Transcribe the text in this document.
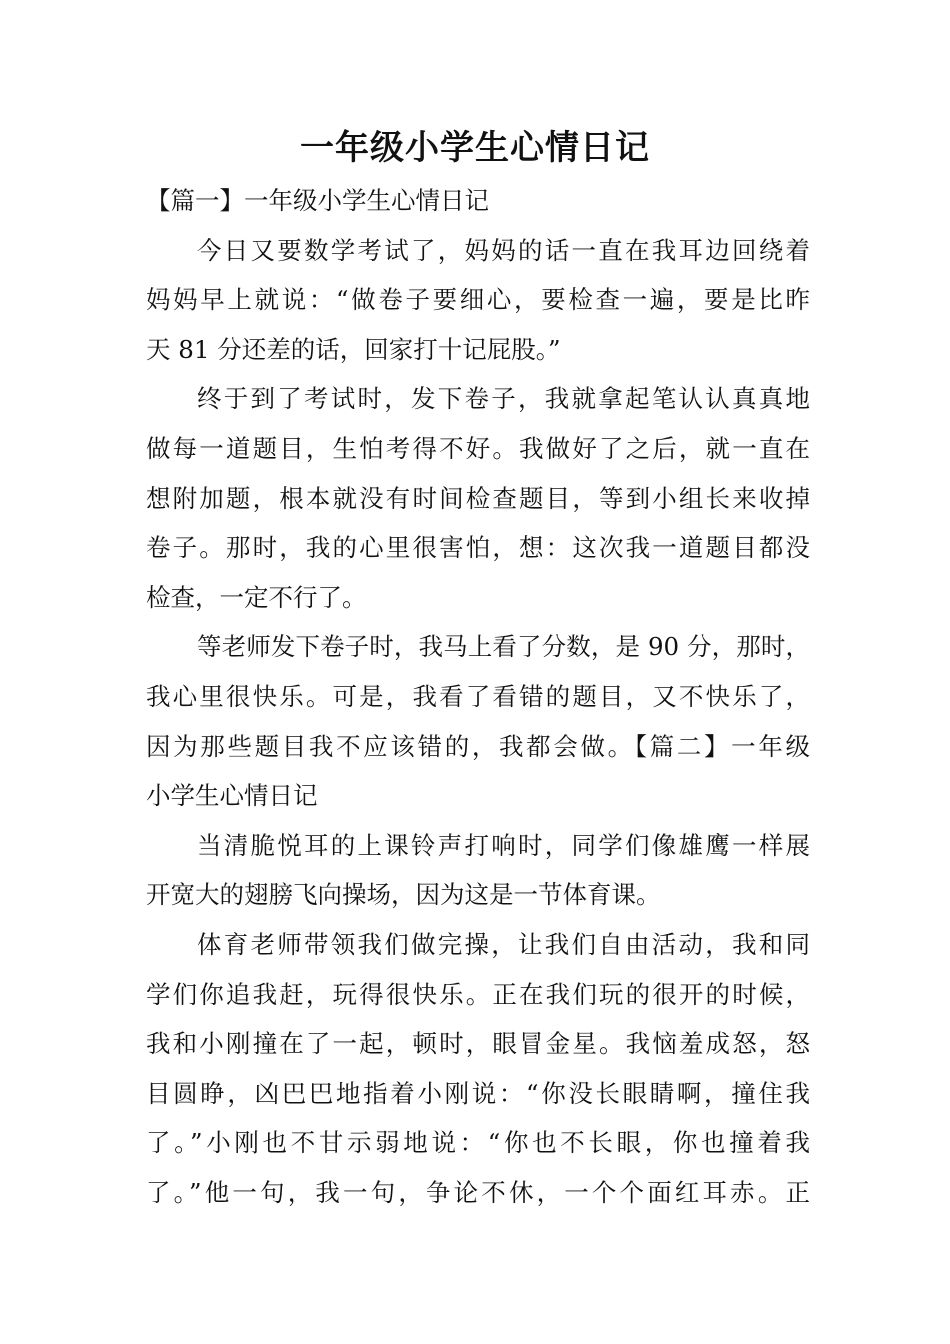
一年级小学生心情日记
【篇一】一年级小学生心情日记
今日又要数学考试了，妈妈的话一直在我耳边回绕着
妈妈早上就说：“做卷子要细心，要检查一遍，要是比昨
天 81 分还差的话，回家打十记屁股。”
终于到了考试时，发下卷子，我就拿起笔认认真真地
做每一道题目，生怕考得不好。我做好了之后，就一直在
想附加题，根本就没有时间检查题目，等到小组长来收掉
卷子。那时，我的心里很害怕，想：这次我一道题目都没
检查，一定不行了。
等老师发下卷子时，我马上看了分数，是 90 分，那时，
我心里很快乐。可是，我看了看错的题目，又不快乐了，
因为那些题目我不应该错的，我都会做。【篇二】一年级
小学生心情日记
当清脆悦耳的上课铃声打响时，同学们像雄鹰一样展
开宽大的翅膀飞向操场，因为这是一节体育课。
体育老师带领我们做完操，让我们自由活动，我和同
学们你追我赶，玩得很快乐。正在我们玩的很开的时候，
我和小刚撞在了一起，顿时，眼冒金星。我恼羞成怒，怒
目圆睁，凶巴巴地指着小刚说：“你没长眼睛啊，撞住我
了。”小刚也不甘示弱地说：“你也不长眼，你也撞着我
了。”他一句，我一句，争论不休，一个个面红耳赤。正
